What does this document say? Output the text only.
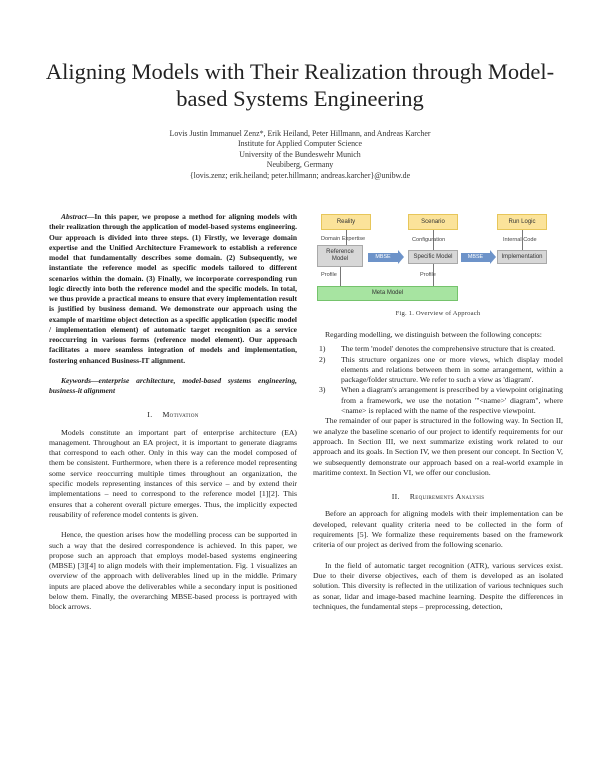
Aligning Models with Their Realization through Model-based Systems Engineering
Lovis Justin Immanuel Zenz*, Erik Heiland, Peter Hillmann, and Andreas Karcher
Institute for Applied Computer Science
University of the Bundeswehr Munich
Neubiberg, Germany
{lovis.zenz; erik.heiland; peter.hillmann; andreas.karcher}@unibw.de

Abstract—In this paper, we propose a method for aligning models with their realization through the application of model-based systems engineering. Our approach is divided into three steps. (1) Firstly, we leverage domain expertise and the Unified Architecture Framework to establish a reference model that fundamentally describes some domain. (2) Subsequently, we instantiate the reference model as specific models tailored to different scenarios within the domain. (3) Finally, we incorporate corresponding run logic directly into both the reference model and the specific models. In total, we thus provide a practical means to ensure that every implementation result is justified by business demand. We demonstrate our approach using the example of maritime object detection as a specific application (specific model / implementation element) of automatic target recognition as a service reoccurring in various forms (reference model element). Our approach facilitates a more seamless integration of models and implementation, fostering enhanced Business-IT alignment.

Keywords—enterprise architecture, model-based systems engineering, business-it alignment

I. Motivation

Models constitute an important part of enterprise architecture (EA) management. Throughout an EA project, it is important to generate diagrams that correspond to each other. Only in this way can the model composed of them be consistent. Furthermore, when there is a reference model representing some service reoccurring multiple times throughout an organization, the specific models representing instances of this service – and by extend their implementations – need to correspond to the reference model [1][2]. This ensures that a coherent overall picture emerges. Thus, the implicitly expected reusability of reference model contents is given.

Hence, the question arises how the modelling process can be supported in such a way that the desired correspondence is achieved. In this paper, we propose such an approach that employs model-based systems engineering (MBSE) [3][4] to align models with their implementation. Fig. 1 visualizes an overview of the approach with deliverables lined up in the middle. Primary inputs are placed above the deliverables while a secondary input is positioned below them. Finally, the overarching MBSE-based process is portrayed with block arrows.

Reality	Scenario	Run Logic
Domain Expertise	Configuration	Internal Code
Reference Model	Specific Model	Implementation
MBSE	MBSE
Profile	Profile
Meta Model
Fig. 1. Overview of Approach

Regarding modelling, we distinguish between the following concepts:

1) The term 'model' denotes the comprehensive structure that is created.
2) This structure organizes one or more views, which display model elements and relations between them in some arrangement, within a package/folder structure. We refer to such a view as 'diagram'.
3) When a diagram's arrangement is prescribed by a viewpoint originating from a framework, we use the notation "'<name>' diagram", where <name> is replaced with the name of the respective viewpoint.

The remainder of our paper is structured in the following way. In Section II, we analyze the baseline scenario of our project to identify requirements for our approach. In Section III, we next summarize existing work related to our approach and its goals. In Section IV, we then present our concept. In Section V, we subsequently demonstrate our approach based on a real-world example in maritime context. In Section VI, we offer our conclusion.

II. Requirements Analysis

Before an approach for aligning models with their implementation can be developed, relevant quality criteria need to be collected in the form of requirements [5]. We formalize these requirements based on the framework criteria of our project as derived from the following scenario.

In the field of automatic target recognition (ATR), various services exist. Due to their diverse objectives, each of them is developed as an isolated solution. This diversity is reflected in the utilization of various techniques such as sonar, lidar and image-based machine learning. Despite the differences in techniques, the fundamental steps – preprocessing, detection,
